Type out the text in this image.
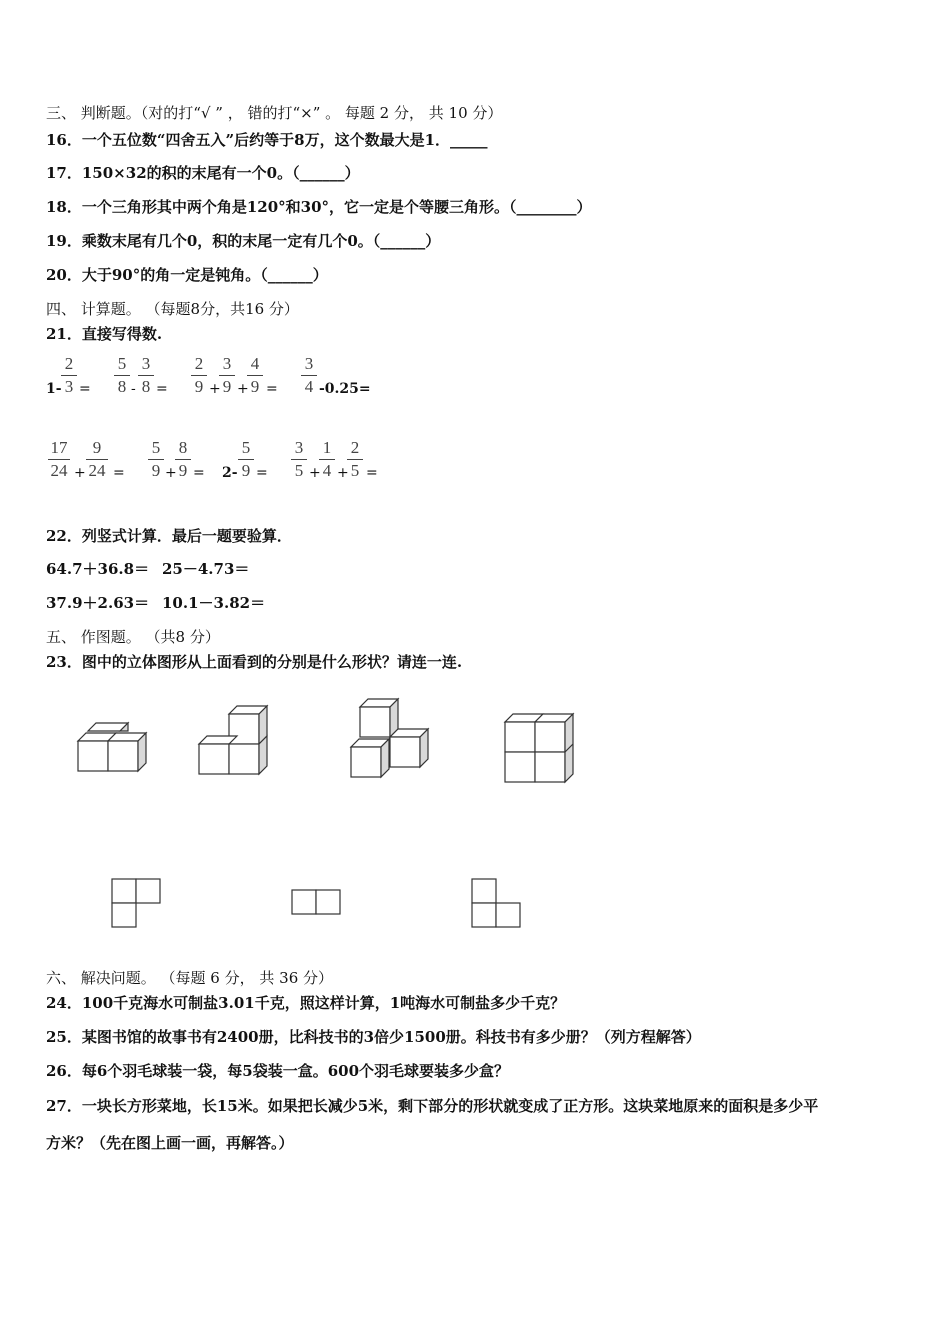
三、 判断题。（对的打“√ ” ， 错的打“×” 。 每题 2 分， 共 10 分）
16．一个五位数“四舍五入”后约等于8万，这个数最大是1．_____
17．150×32的积的末尾有一个0。（______）
18．一个三角形其中两个角是120°和30°，它一定是个等腰三角形。（________）
19．乘数末尾有几个0，积的末尾一定有几个0。（______）
20．大于90°的角一定是钝角。（______）
四、 计算题。 （每题8分，共16 分）
21．直接写得数.
1-
2
3 =
5
8 -
3
8 =
2
9 +
3
9 +
4
9 =
3
4 -0.25=
17
24 +
9
24 =
5
9 +
8
9 = 2-
5
9 =
3
5 +
1
4 +
2
5 =
22．列竖式计算．最后一题要验算．
64.7＋36.8＝ 25－4.73＝
37.9＋2.63＝ 10.1－3.82＝
五、 作图题。 （共8 分）
23．图中的立体图形从上面看到的分别是什么形状？请连一连.
六、 解决问题。 （每题 6 分， 共 36 分）
24．100千克海水可制盐3.01千克，照这样计算，1吨海水可制盐多少千克？
25．某图书馆的故事书有2400册，比科技书的3倍少1500册。科技书有多少册？（列方程解答）
26．每6个羽毛球装一袋，每5袋装一盒。600个羽毛球要装多少盒？
27．一块长方形菜地，长15米。如果把长减少5米，剩下部分的形状就变成了正方形。这块菜地原来的面积是多少平
方米？（先在图上画一画，再解答。）
